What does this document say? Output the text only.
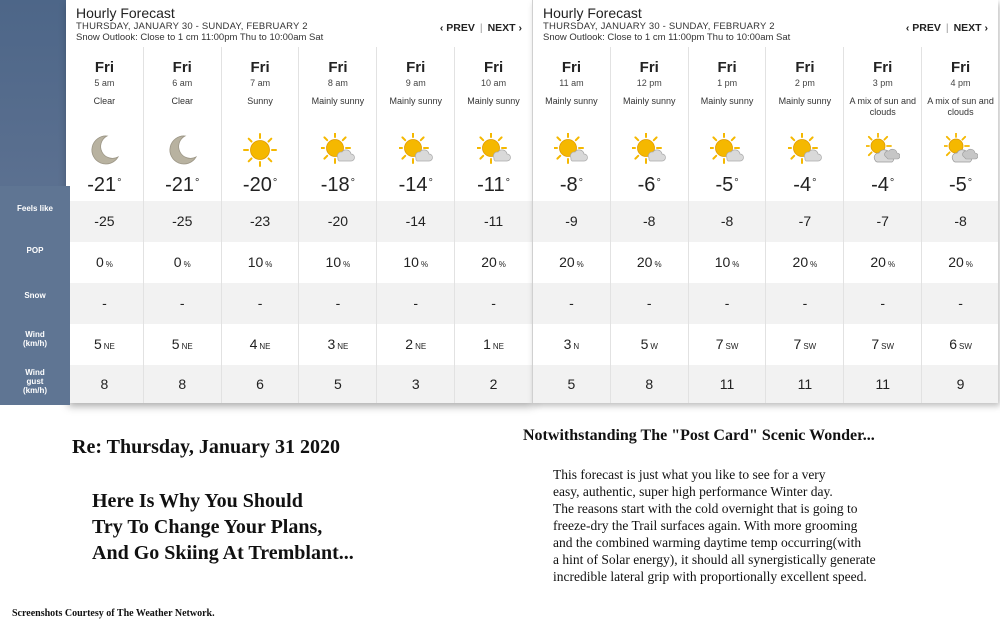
Hourly Forecast
THURSDAY, JANUARY 30 - SUNDAY, FEBRUARY 2
Snow Outlook: Close to 1 cm 11:00pm Thu to 10:00am Sat
‹ PREV | NEXT ›
Fri
5 am
Clear
-21°
-25
0 %
-
5 NE
8
Fri
6 am
Clear
-21°
-25
0 %
-
5 NE
8
Fri
7 am
Sunny
-20°
-23
10 %
-
4 NE
6
Fri
8 am
Mainly sunny
-18°
-20
10 %
-
3 NE
5
Fri
9 am
Mainly sunny
-14°
-14
10 %
-
2 NE
3
Fri
10 am
Mainly sunny
-11°
-11
20 %
-
1 NE
2
Hourly Forecast
THURSDAY, JANUARY 30 - SUNDAY, FEBRUARY 2
Snow Outlook: Close to 1 cm 11:00pm Thu to 10:00am Sat
‹ PREV | NEXT ›
Fri
11 am
Mainly sunny
-8°
-9
20 %
-
3 N
5
Fri
12 pm
Mainly sunny
-6°
-8
20 %
-
5 W
8
Fri
1 pm
Mainly sunny
-5°
-8
10 %
-
7 SW
11
Fri
2 pm
Mainly sunny
-4°
-7
20 %
-
7 SW
11
Fri
3 pm
A mix of sun and clouds
-4°
-7
20 %
-
7 SW
11
Fri
4 pm
A mix of sun and clouds
-5°
-8
20 %
-
6 SW
9
Feels like
POP
Snow
Wind
(km/h)
Wind
gust
(km/h)
Re: Thursday, January 31 2020
Here Is Why You Should
Try To Change Your Plans,
And Go Skiing At Tremblant...
Screenshots Courtesy of The Weather Network.
Notwithstanding The "Post Card" Scenic Wonder...
This forecast is just what you like to see for a very
easy, authentic, super high performance Winter day.
The reasons start with the cold overnight that is going to
freeze-dry the Trail surfaces again. With more grooming
and the combined warming daytime temp occurring(with
a hint of Solar energy), it should all synergistically generate
incredible lateral grip with proportionally excellent speed.
